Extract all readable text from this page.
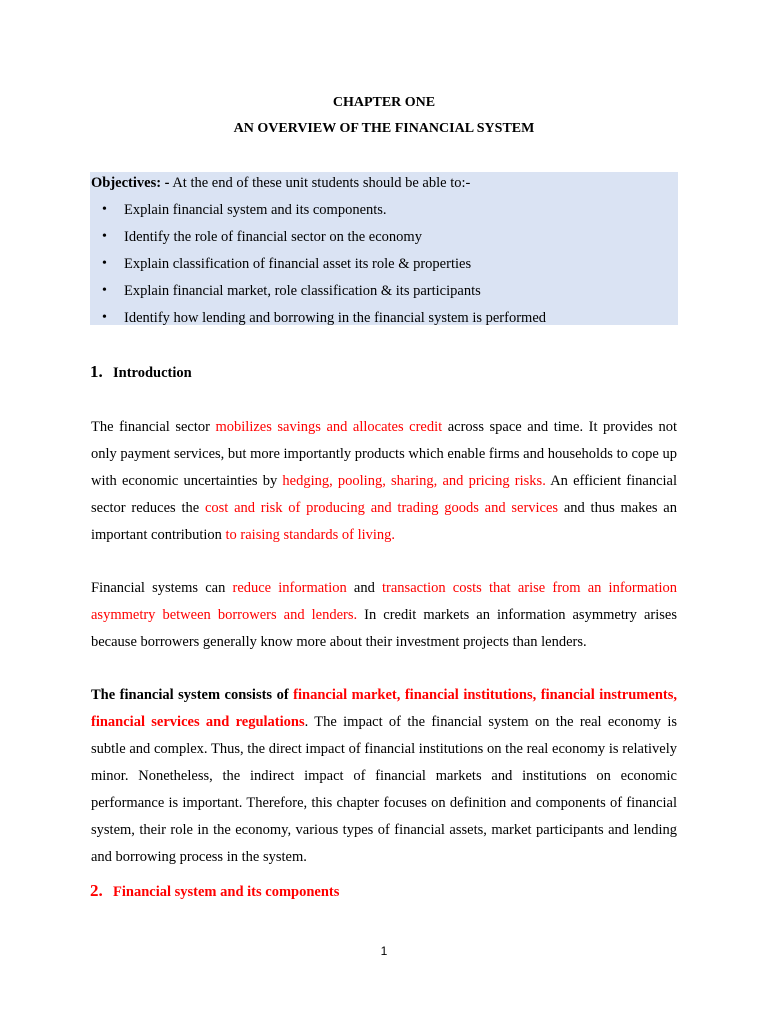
CHAPTER ONE
AN OVERVIEW OF THE FINANCIAL SYSTEM
Objectives: - At the end of these unit students should be able to:-
• Explain financial system and its components.
• Identify the role of financial sector on the economy
• Explain classification of financial asset its role & properties
• Explain financial market, role classification & its participants
• Identify how lending and borrowing in the financial system is performed
1. Introduction
The financial sector mobilizes savings and allocates credit across space and time. It provides not only payment services, but more importantly products which enable firms and households to cope up with economic uncertainties by hedging, pooling, sharing, and pricing risks. An efficient financial sector reduces the cost and risk of producing and trading goods and services and thus makes an important contribution to raising standards of living.
Financial systems can reduce information and transaction costs that arise from an information asymmetry between borrowers and lenders. In credit markets an information asymmetry arises because borrowers generally know more about their investment projects than lenders.
The financial system consists of financial market, financial institutions, financial instruments, financial services and regulations. The impact of the financial system on the real economy is subtle and complex. Thus, the direct impact of financial institutions on the real economy is relatively minor. Nonetheless, the indirect impact of financial markets and institutions on economic performance is important. Therefore, this chapter focuses on definition and components of financial system, their role in the economy, various types of financial assets, market participants and lending and borrowing process in the system.
2. Financial system and its components
1
